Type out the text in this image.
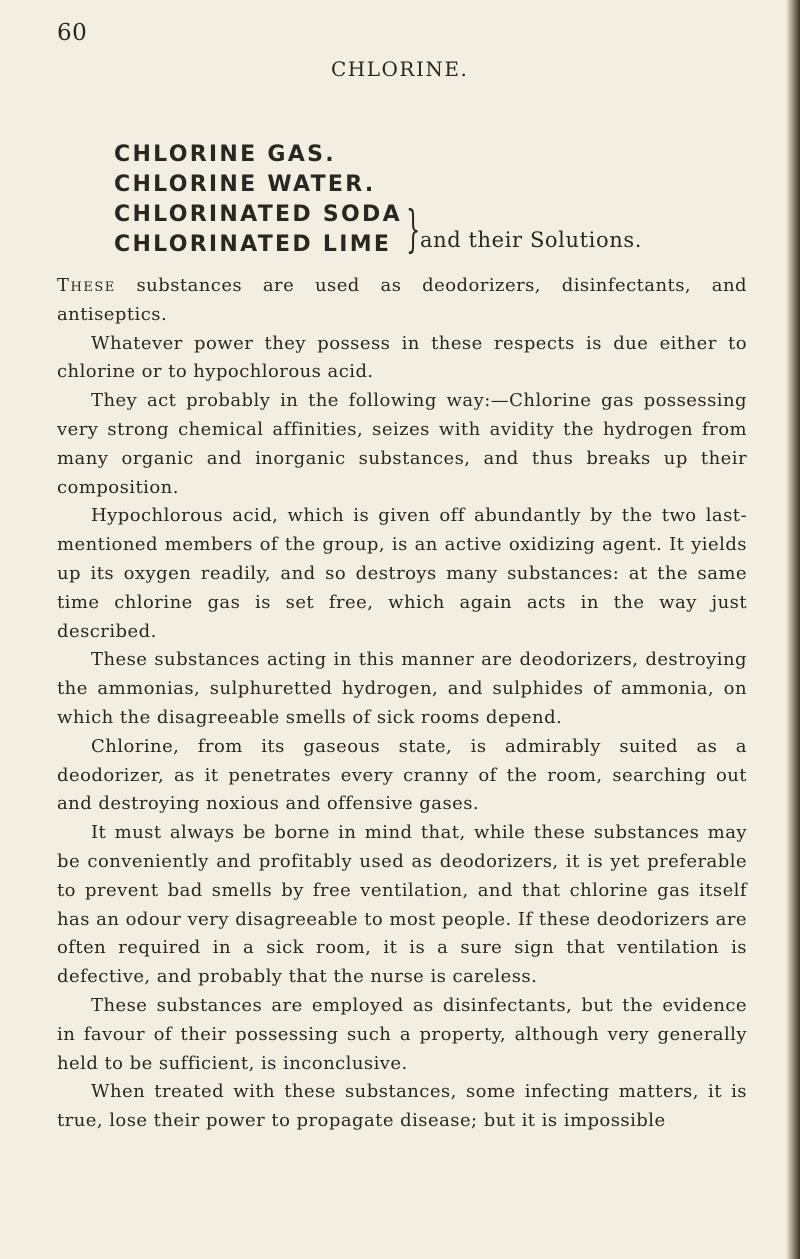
60
CHLORINE.
CHLORINE GAS.
CHLORINE WATER.
CHLORINATED SODA
CHLORINATED LIME }
and their Solutions.

These substances are used as deodorizers, disinfectants, and antiseptics.

Whatever power they possess in these respects is due either to chlorine or to hypochlorous acid.

They act probably in the following way:—Chlorine gas possessing very strong chemical affinities, seizes with avidity the hydrogen from many organic and inorganic substances, and thus breaks up their composition.

Hypochlorous acid, which is given off abundantly by the two last-mentioned members of the group, is an active oxidizing agent. It yields up its oxygen readily, and so destroys many substances: at the same time chlorine gas is set free, which again acts in the way just described.

These substances acting in this manner are deodorizers, destroying the ammonias, sulphuretted hydrogen, and sulphides of ammonia, on which the disagreeable smells of sick rooms depend.

Chlorine, from its gaseous state, is admirably suited as a deodorizer, as it penetrates every cranny of the room, searching out and destroying noxious and offensive gases.

It must always be borne in mind that, while these substances may be conveniently and profitably used as deodorizers, it is yet preferable to prevent bad smells by free ventilation, and that chlorine gas itself has an odour very disagreeable to most people. If these deodorizers are often required in a sick room, it is a sure sign that ventilation is defective, and probably that the nurse is careless.

These substances are employed as disinfectants, but the evidence in favour of their possessing such a property, although very generally held to be sufficient, is inconclusive.

When treated with these substances, some infecting matters, it is true, lose their power to propagate disease; but it is impossible
